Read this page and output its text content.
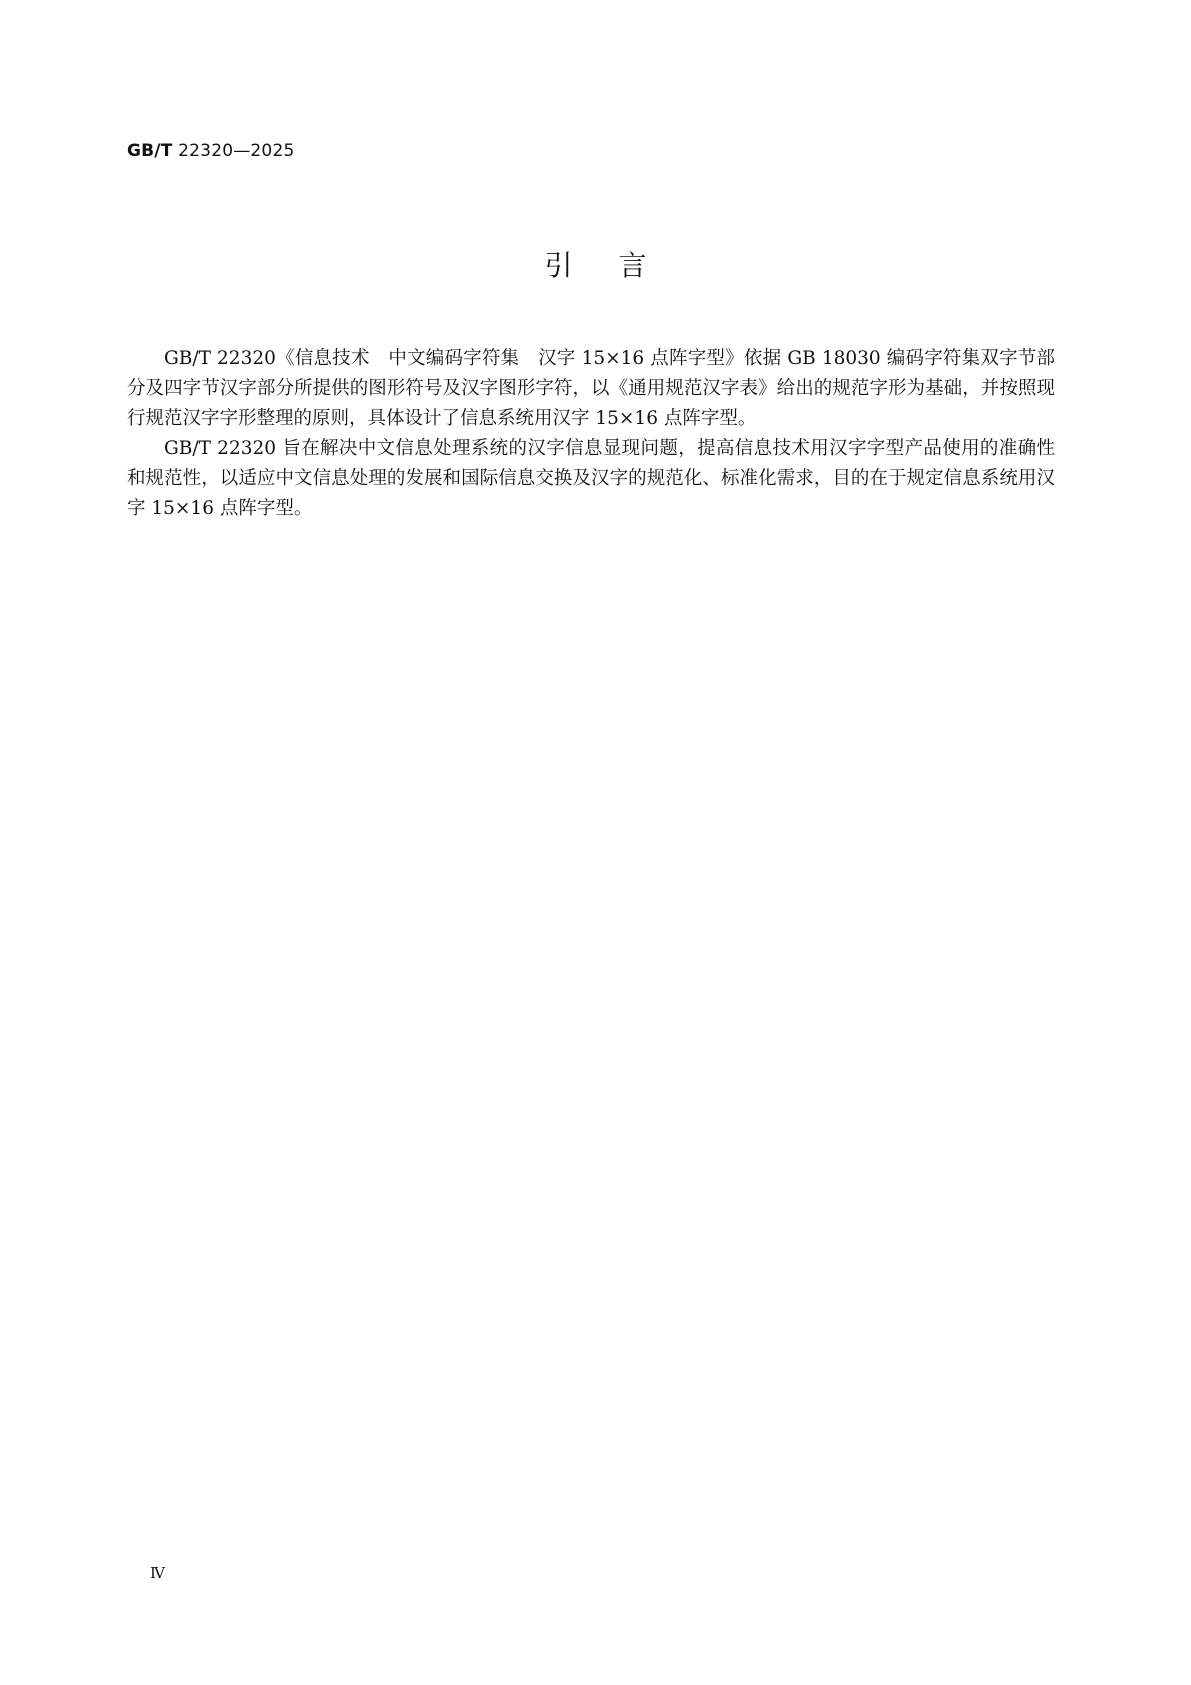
GB/T 22320—2025
引言

GB/T 22320《信息技术　中文编码字符集　汉字 15×16 点阵字型》依据 GB 18030 编码字符集双字节部分及四字节汉字部分所提供的图形符号及汉字图形字符，以《通用规范汉字表》给出的规范字形为基础，并按照现行规范汉字字形整理的原则，具体设计了信息系统用汉字 15×16 点阵字型。

GB/T 22320 旨在解决中文信息处理系统的汉字信息显现问题，提高信息技术用汉字字型产品使用的准确性和规范性，以适应中文信息处理的发展和国际信息交换及汉字的规范化、标准化需求，目的在于规定信息系统用汉字 15×16 点阵字型。

Ⅳ
